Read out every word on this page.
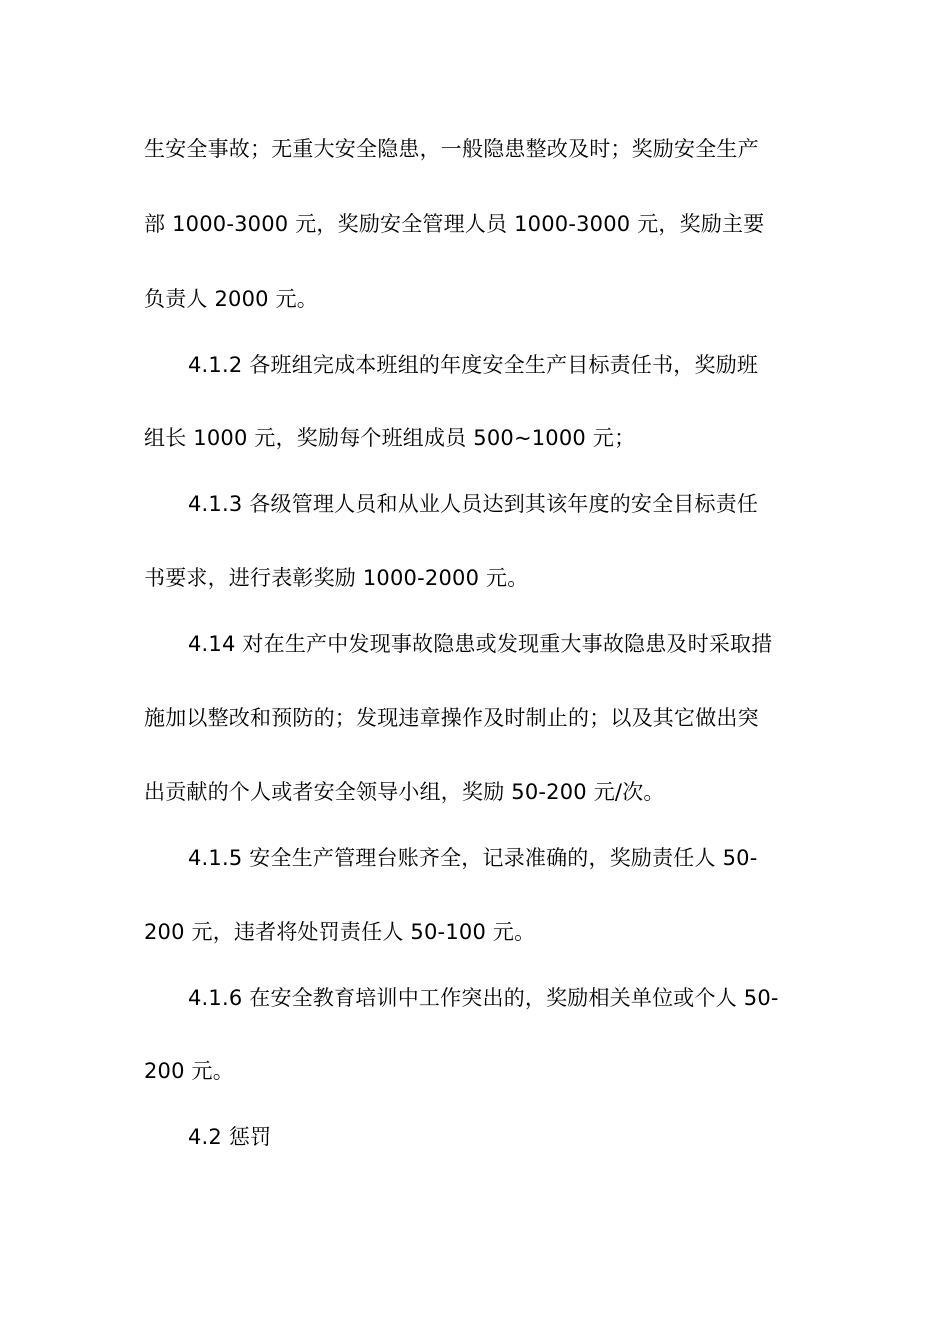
生安全事故；无重大安全隐患，一般隐患整改及时；奖励安全生产
部 1000-3000 元，奖励安全管理人员 1000-3000 元，奖励主要
负责人 2000 元。
4.1.2 各班组完成本班组的年度安全生产目标责任书，奖励班
组长 1000 元，奖励每个班组成员 500~1000 元；
4.1.3 各级管理人员和从业人员达到其该年度的安全目标责任
书要求，进行表彰奖励 1000-2000 元。
4.14 对在生产中发现事故隐患或发现重大事故隐患及时采取措
施加以整改和预防的；发现违章操作及时制止的；以及其它做出突
出贡献的个人或者安全领导小组，奖励 50-200 元/次。
4.1.5 安全生产管理台账齐全，记录准确的，奖励责任人 50-
200 元，违者将处罚责任人 50-100 元。
4.1.6 在安全教育培训中工作突出的，奖励相关单位或个人 50-
200 元。
4.2 惩罚
